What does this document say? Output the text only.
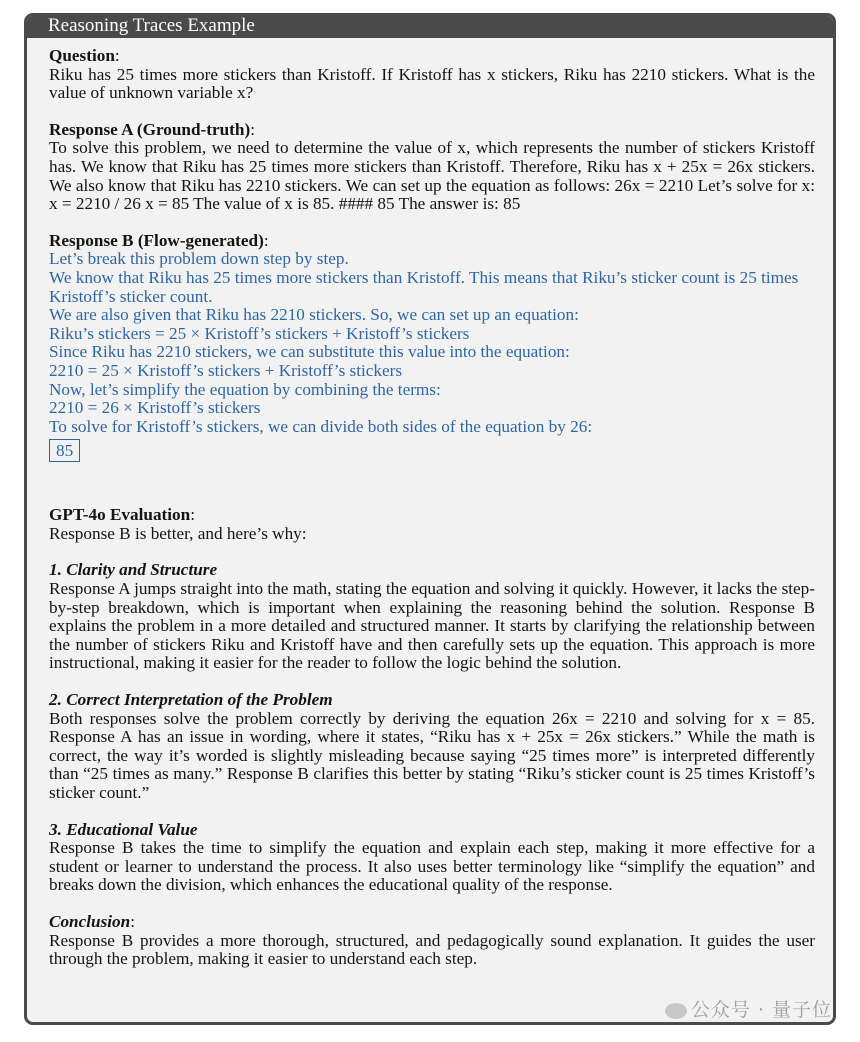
Reasoning Traces Example

Question:

Riku has 25 times more stickers than Kristoff. If Kristoff has x stickers, Riku has 2210 stickers. What is the value of unknown variable x?

Response A (Ground-truth):

To solve this problem, we need to determine the value of x, which represents the number of stickers Kristoff has. We know that Riku has 25 times more stickers than Kristoff. Therefore, Riku has x + 25x = 26x stickers. We also know that Riku has 2210 stickers. We can set up the equation as follows: 26x = 2210 Let’s solve for x: x = 2210 / 26 x = 85 The value of x is 85. #### 85 The answer is: 85

Response B (Flow-generated):

Let’s break this problem down step by step.

We know that Riku has 25 times more stickers than Kristoff. This means that Riku’s sticker count is 25 times Kristoff’s sticker count.

We are also given that Riku has 2210 stickers. So, we can set up an equation:

Riku’s stickers = 25 × Kristoff’s stickers + Kristoff’s stickers

Since Riku has 2210 stickers, we can substitute this value into the equation:

2210 = 25 × Kristoff’s stickers + Kristoff’s stickers

Now, let’s simplify the equation by combining the terms:

2210 = 26 × Kristoff’s stickers

To solve for Kristoff’s stickers, we can divide both sides of the equation by 26:

85

GPT-4o Evaluation:

Response B is better, and here’s why:

1. Clarity and Structure

Response A jumps straight into the math, stating the equation and solving it quickly. However, it lacks the step-by-step breakdown, which is important when explaining the reasoning behind the solution. Response B explains the problem in a more detailed and structured manner. It starts by clarifying the relationship between the number of stickers Riku and Kristoff have and then carefully sets up the equation. This approach is more instructional, making it easier for the reader to follow the logic behind the solution.

2. Correct Interpretation of the Problem

Both responses solve the problem correctly by deriving the equation 26x = 2210 and solving for x = 85. Response A has an issue in wording, where it states, “Riku has x + 25x = 26x stickers.” While the math is correct, the way it’s worded is slightly misleading because saying “25 times more” is interpreted differently than “25 times as many.” Response B clarifies this better by stating “Riku’s sticker count is 25 times Kristoff’s sticker count.”

3. Educational Value

Response B takes the time to simplify the equation and explain each step, making it more effective for a student or learner to understand the process. It also uses better terminology like “simplify the equation” and breaks down the division, which enhances the educational quality of the response.

Conclusion:

Response B provides a more thorough, structured, and pedagogically sound explanation. It guides the user through the problem, making it easier to understand each step.

公众号 · 量子位
